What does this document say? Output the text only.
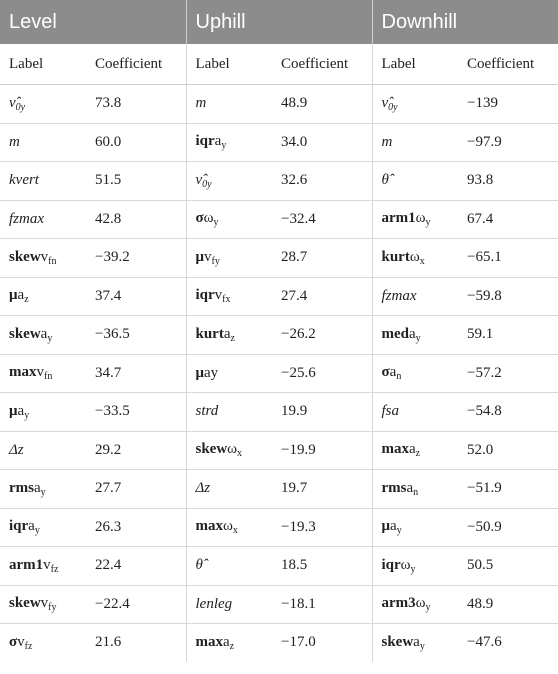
Level		Uphill		Downhill	
Label	Coefficient	Label	Coefficient	Label	Coefficient
$\nû_{0y}$	73.8	m	48.9	$\nû_{0y}$	−139
m	60.0	iqra$_y$	34.0	m	−97.9
kvert	51.5	$\nû_{0y}$	32.6	θ̂	93.8
fzmax	42.8	$\sigma\omega_y$	−32.4	$arm1\omega_y$	67.4
skewv$_{fn}$	−39.2	$\mu v_{fy}$	28.7	kurtω$_x$	−65.1
$\mu a_z$	37.4	iqrv$_{fx}$	27.4	fzmax	−59.8
skewa$_y$	−36.5	kurta$_z$	−26.2	meda$_y$	59.1
maxv$_{fn}$	34.7	μay	−25.6	$\sigma a_n$	−57.2
$\mu a_y$	−33.5	strd	19.9	fsa	−54.8
Δz	29.2	skewω$_x$	−19.9	maxa$_z$	52.0
rmsa$_y$	27.7	Δz	19.7	rmsa$_n$	−51.9
iqra$_y$	26.3	maxω$_x$	−19.3	$\mu a_y$	−50.9
$arm1v_{fz}$	22.4	θ̂	18.5	iqrω$_y$	50.5
skewv$_{fy}$	−22.4	lenleg	−18.1	$arm3\omega_y$	48.9
$\sigma v_{fz}$	21.6	maxa$_z$	−17.0	skewa$_y$	−47.6
